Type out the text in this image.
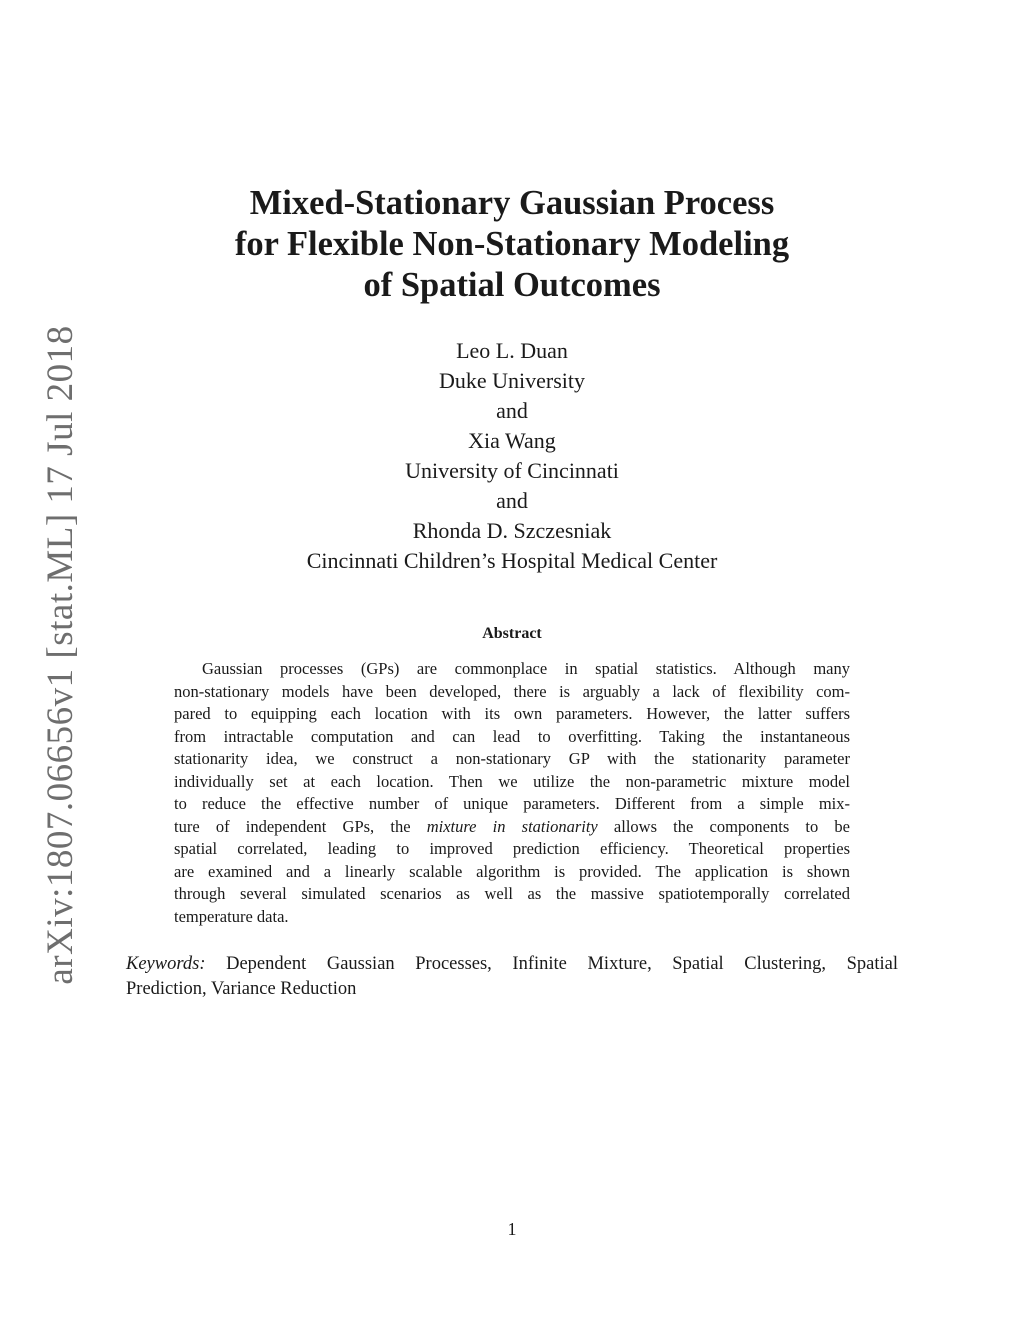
arXiv:1807.06656v1 [stat.ML] 17 Jul 2018
Mixed-Stationary Gaussian Process
for Flexible Non-Stationary Modeling
of Spatial Outcomes
Leo L. Duan
Duke University
and
Xia Wang
University of Cincinnati
and
Rhonda D. Szczesniak
Cincinnati Children’s Hospital Medical Center
Abstract
Gaussian processes (GPs) are commonplace in spatial statistics. Although many
non-stationary models have been developed, there is arguably a lack of flexibility com-
pared to equipping each location with its own parameters. However, the latter suffers
from intractable computation and can lead to overfitting. Taking the instantaneous
stationarity idea, we construct a non-stationary GP with the stationarity parameter
individually set at each location. Then we utilize the non-parametric mixture model
to reduce the effective number of unique parameters. Different from a simple mix-
ture of independent GPs, the mixture in stationarity allows the components to be
spatial correlated, leading to improved prediction efficiency. Theoretical properties
are examined and a linearly scalable algorithm is provided. The application is shown
through several simulated scenarios as well as the massive spatiotemporally correlated
temperature data.
Keywords: Dependent Gaussian Processes, Infinite Mixture, Spatial Clustering, Spatial
Prediction, Variance Reduction
1
